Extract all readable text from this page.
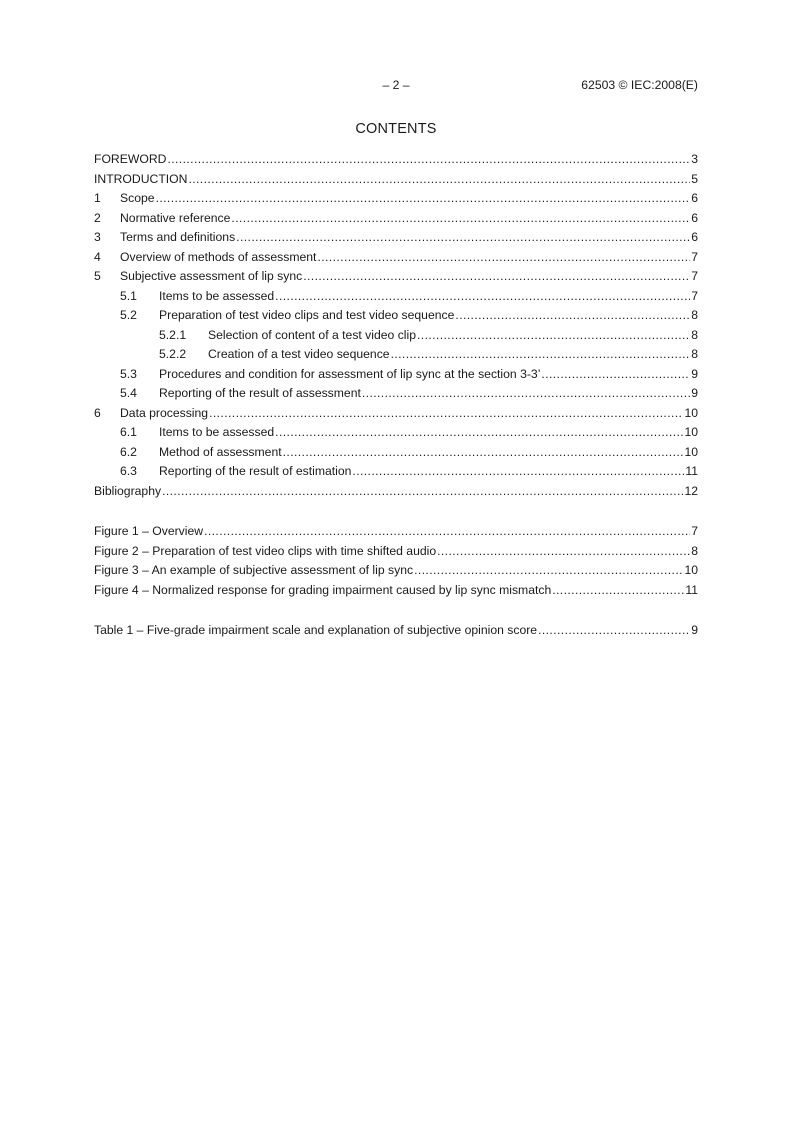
– 2 –	62503 © IEC:2008(E)
CONTENTS
FOREWORD .....	3
INTRODUCTION .....	5
1	Scope .....	6
2	Normative reference .....	6
3	Terms and definitions .....	6
4	Overview of methods of assessment .....	7
5	Subjective assessment of lip sync .....	7
5.1	Items to be assessed .....	7
5.2	Preparation of test video clips and test video sequence .....	8
5.2.1	Selection of content of a test video clip .....	8
5.2.2	Creation of a test video sequence .....	8
5.3	Procedures and condition for assessment of lip sync at the section 3-3’ .....	9
5.4	Reporting of the result of assessment .....	9
6	Data processing .....	10
6.1	Items to be assessed .....	10
6.2	Method of assessment .....	10
6.3	Reporting of the result of estimation .....	11
Bibliography .....	12
Figure 1 – Overview .....	7
Figure 2 – Preparation of test video clips with time shifted audio .....	8
Figure 3 – An example of subjective assessment of lip sync .....	10
Figure 4 – Normalized response for grading impairment caused by lip sync mismatch .....	11
Table 1 – Five-grade impairment scale and explanation of subjective opinion score .....	9
